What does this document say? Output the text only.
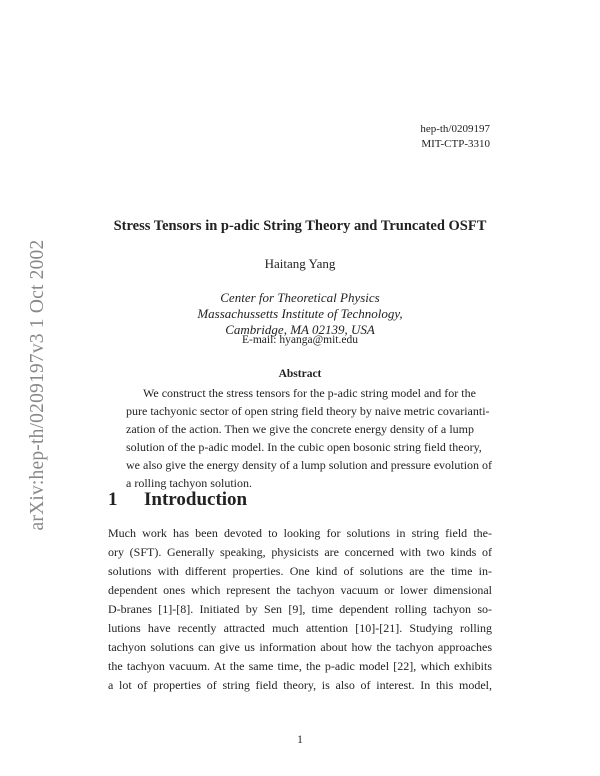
arXiv:hep-th/0209197v3 1 Oct 2002
hep-th/0209197
MIT-CTP-3310
Stress Tensors in p-adic String Theory and Truncated OSFT
Haitang Yang
Center for Theoretical Physics
Massachussetts Institute of Technology,
Cambridge, MA 02139, USA
E-mail: hyanga@mit.edu
Abstract
We construct the stress tensors for the p-adic string model and for the
pure tachyonic sector of open string field theory by naive metric covarianti-
zation of the action. Then we give the concrete energy density of a lump
solution of the p-adic model. In the cubic open bosonic string field theory,
we also give the energy density of a lump solution and pressure evolution of
a rolling tachyon solution.
1 Introduction
Much work has been devoted to looking for solutions in string field the-
ory (SFT). Generally speaking, physicists are concerned with two kinds of
solutions with different properties. One kind of solutions are the time in-
dependent ones which represent the tachyon vacuum or lower dimensional
D-branes [1]-[8]. Initiated by Sen [9], time dependent rolling tachyon so-
lutions have recently attracted much attention [10]-[21]. Studying rolling
tachyon solutions can give us information about how the tachyon approaches
the tachyon vacuum. At the same time, the p-adic model [22], which exhibits
a lot of properties of string field theory, is also of interest. In this model,
1
